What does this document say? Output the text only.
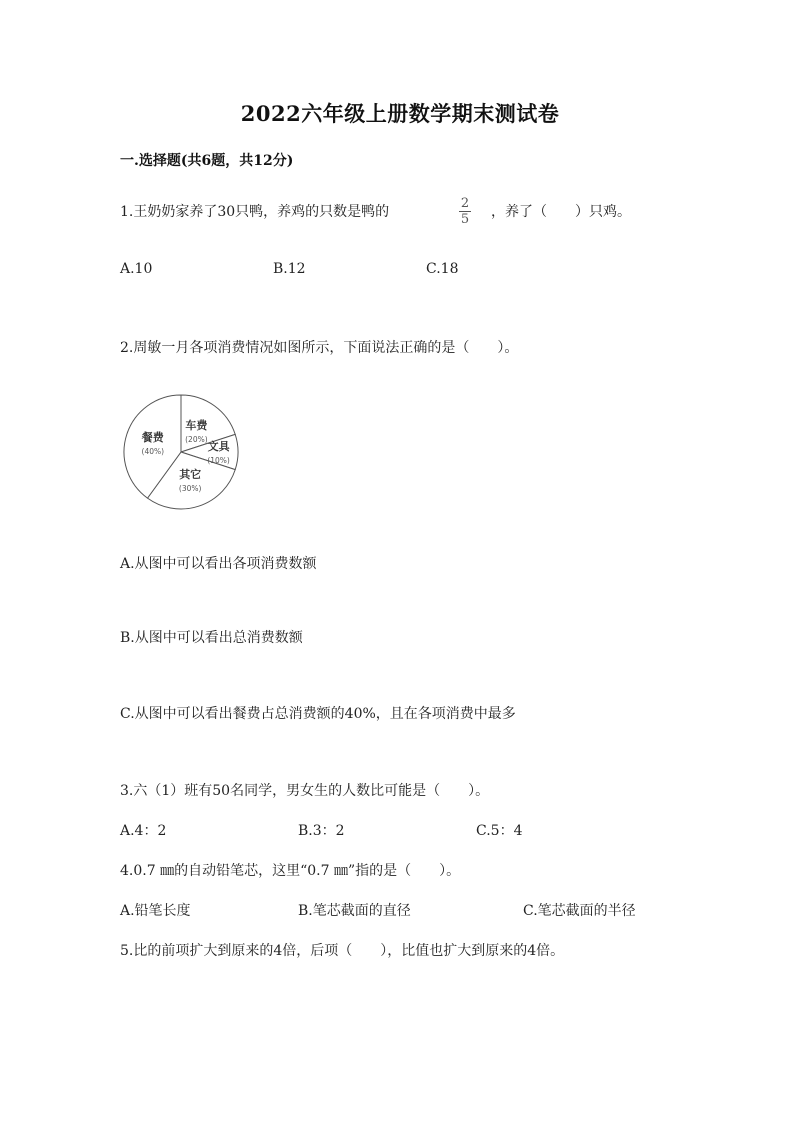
2022六年级上册数学期末测试卷
一.选择题(共6题，共12分)
1.王奶奶家养了30只鸭，养鸡的只数是鸭的
2
5 ，养了（　　）只鸡。
A.10	B.12	C.18
2.周敏一月各项消费情况如图所示，下面说法正确的是（　　）。
车费
(20%)
文具
(10%)
其它
(30%)
餐费
(40%)
A.从图中可以看出各项消费数额
B.从图中可以看出总消费数额
C.从图中可以看出餐费占总消费额的40%，且在各项消费中最多
3.六（1）班有50名同学，男女生的人数比可能是（　　）。
A.4：2	B.3：2	C.5：4
4.0.7 ㎜的自动铅笔芯，这里“0.7 ㎜”指的是（　　）。
A.铅笔长度	B.笔芯截面的直径	C.笔芯截面的半径
5.比的前项扩大到原来的4倍，后项（　　），比值也扩大到原来的4倍。
